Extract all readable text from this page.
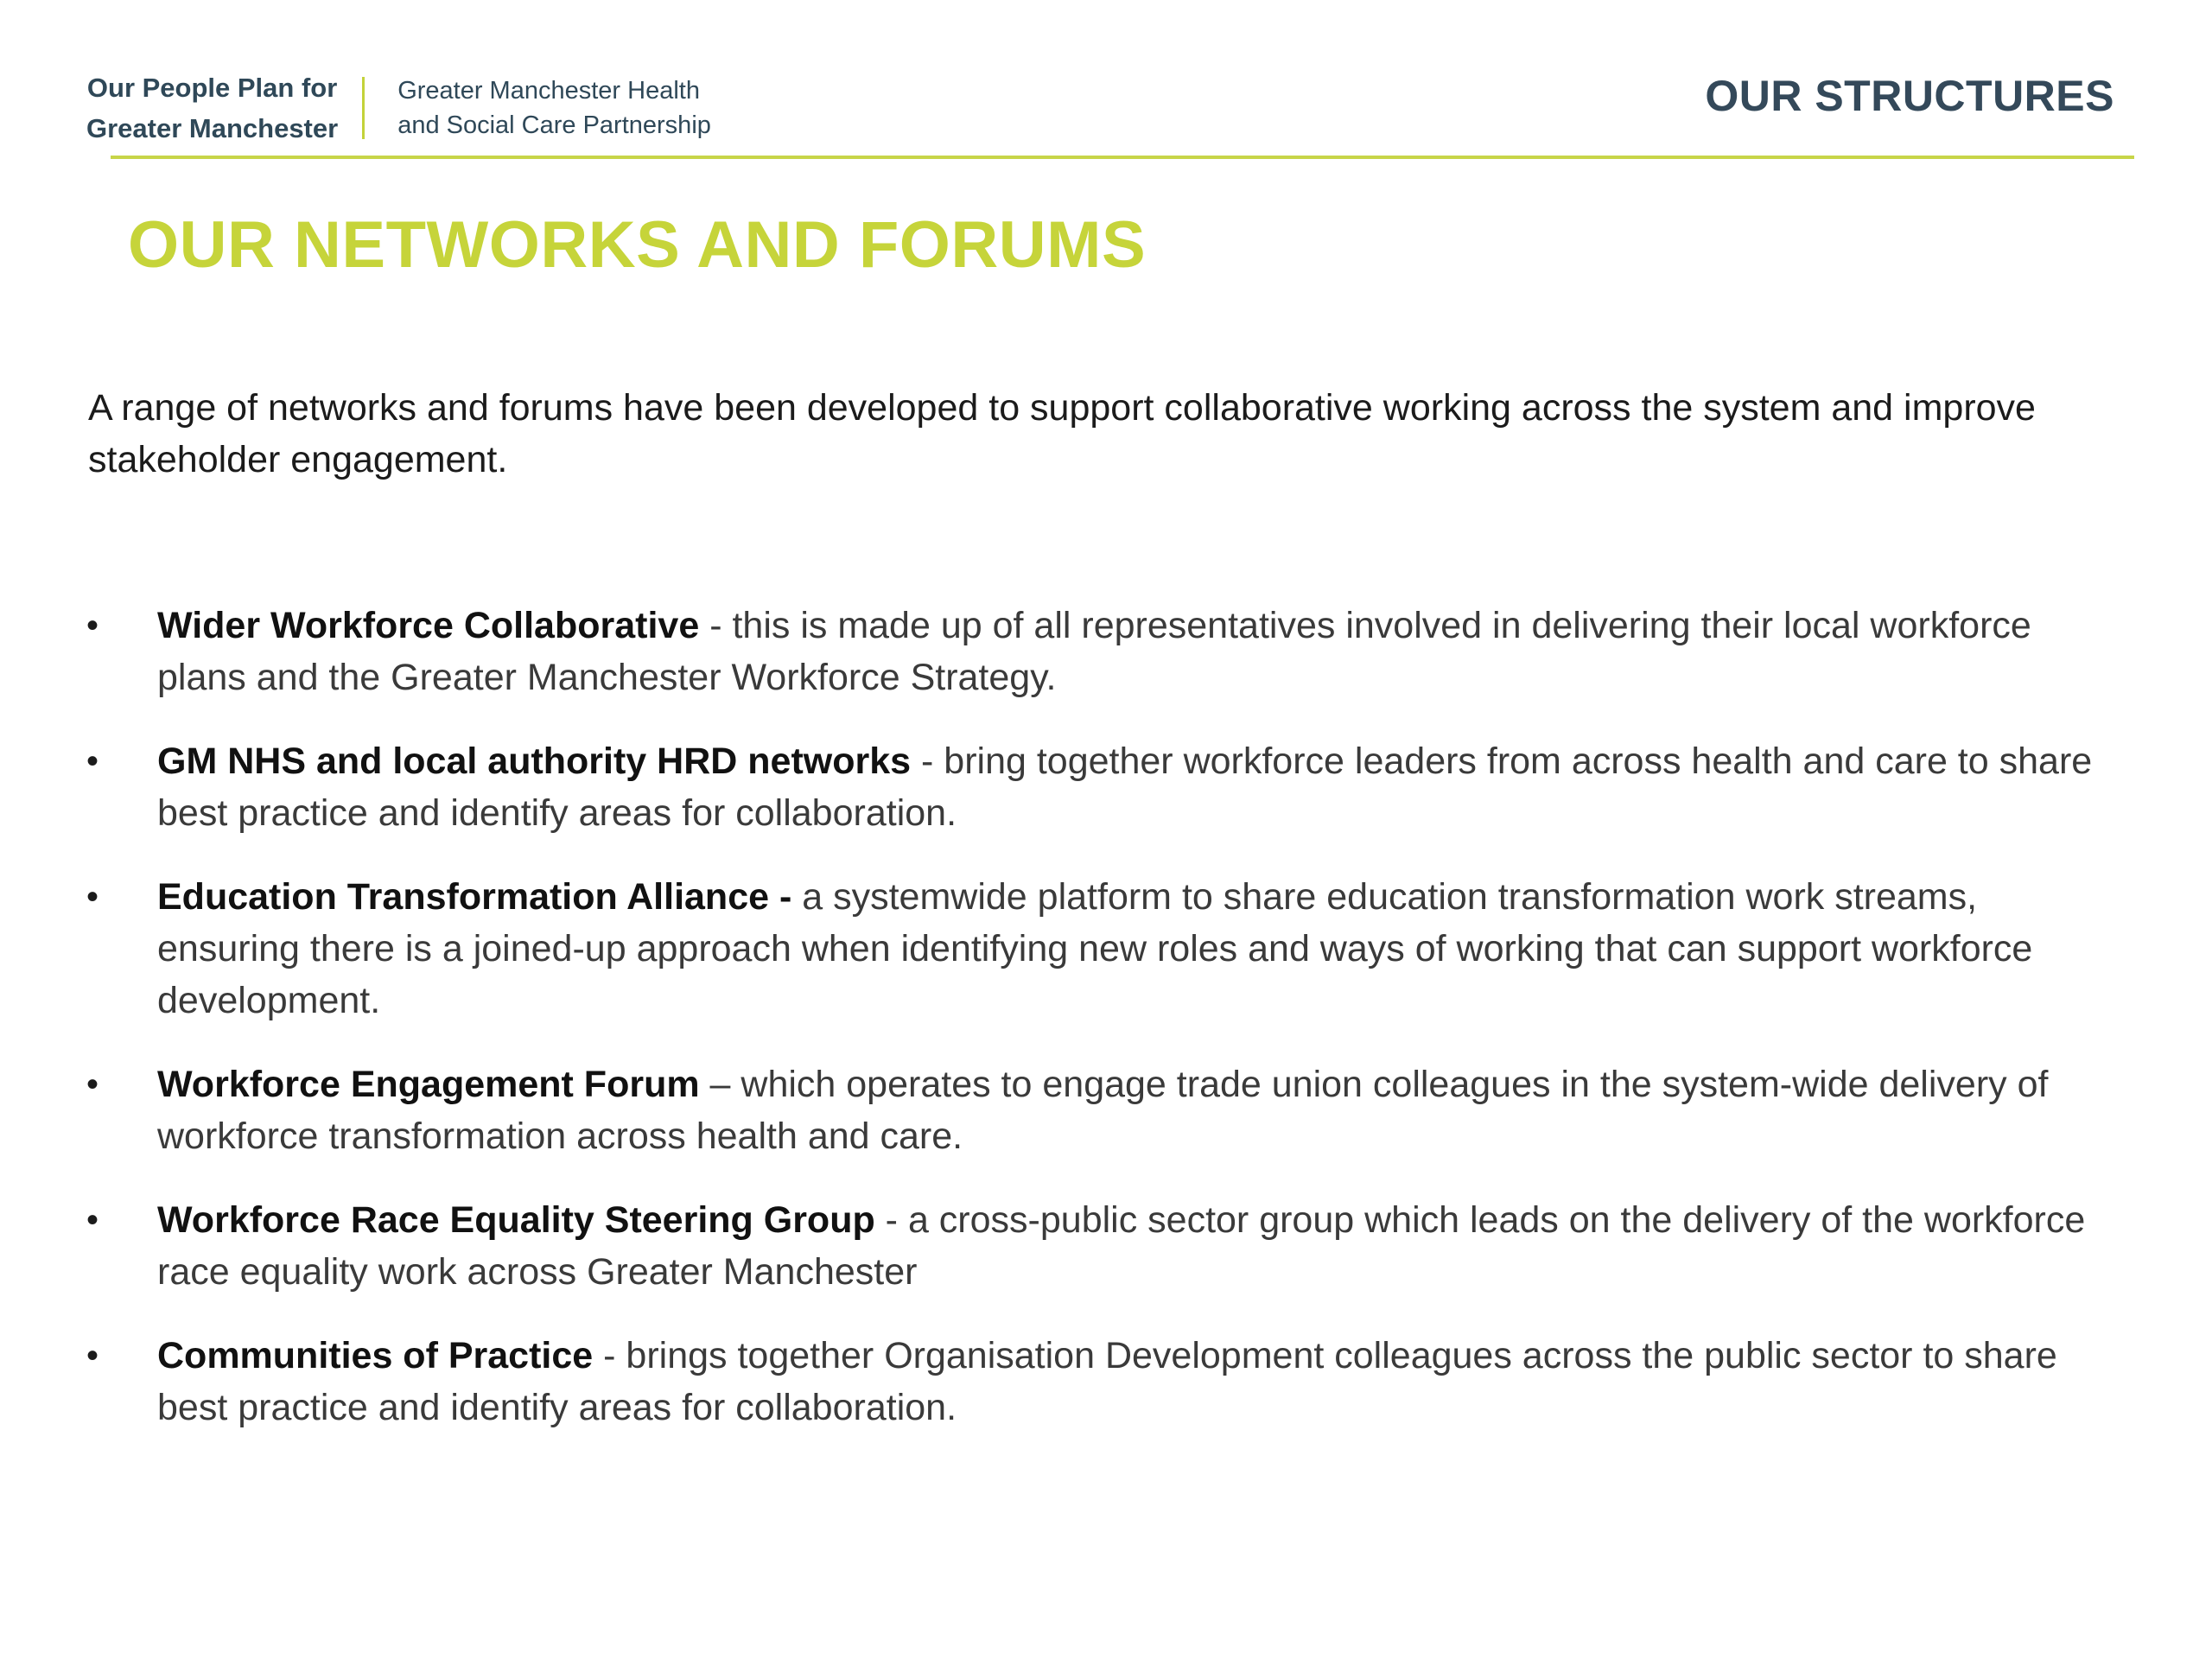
Our People Plan for
Greater Manchester
Greater Manchester Health
and Social Care Partnership
OUR STRUCTURES
OUR NETWORKS AND FORUMS

A range of networks and forums have been developed to support collaborative working across the system and improve stakeholder engagement.

•	Wider Workforce Collaborative - this is made up of all representatives involved in delivering their local workforce plans and the Greater Manchester Workforce Strategy.
•	GM NHS and local authority HRD networks - bring together workforce leaders from across health and care to share best practice and identify areas for collaboration.
•	Education Transformation Alliance - a systemwide platform to share education transformation work streams, ensuring there is a joined-up approach when identifying new roles and ways of working that can support workforce development.
•	Workforce Engagement Forum – which operates to engage trade union colleagues in the system-wide delivery of workforce transformation across health and care.
•	Workforce Race Equality Steering Group - a cross-public sector group which leads on the delivery of the workforce race equality work across Greater Manchester
•	Communities of Practice - brings together Organisation Development colleagues across the public sector to share best practice and identify areas for collaboration.
